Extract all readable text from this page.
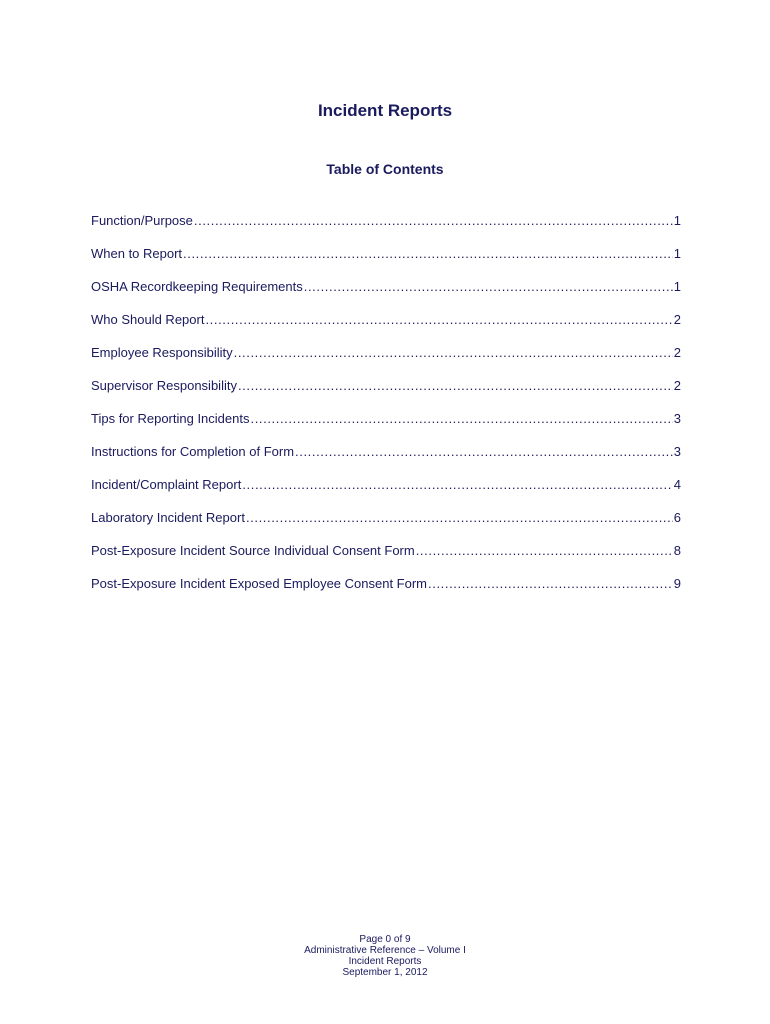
Incident Reports
Table of Contents
Function/Purpose .....	1
When to Report .....	1
OSHA Recordkeeping Requirements .....	1
Who Should Report .....	2
Employee Responsibility .....	2
Supervisor Responsibility .....	2
Tips for Reporting Incidents .....	3
Instructions for Completion of Form .....	3
Incident/Complaint Report .....	4
Laboratory Incident Report .....	6
Post-Exposure Incident Source Individual Consent Form .....	8
Post-Exposure Incident Exposed Employee Consent Form .....	9
Page 0 of 9
Administrative Reference – Volume I
Incident Reports
September 1, 2012
